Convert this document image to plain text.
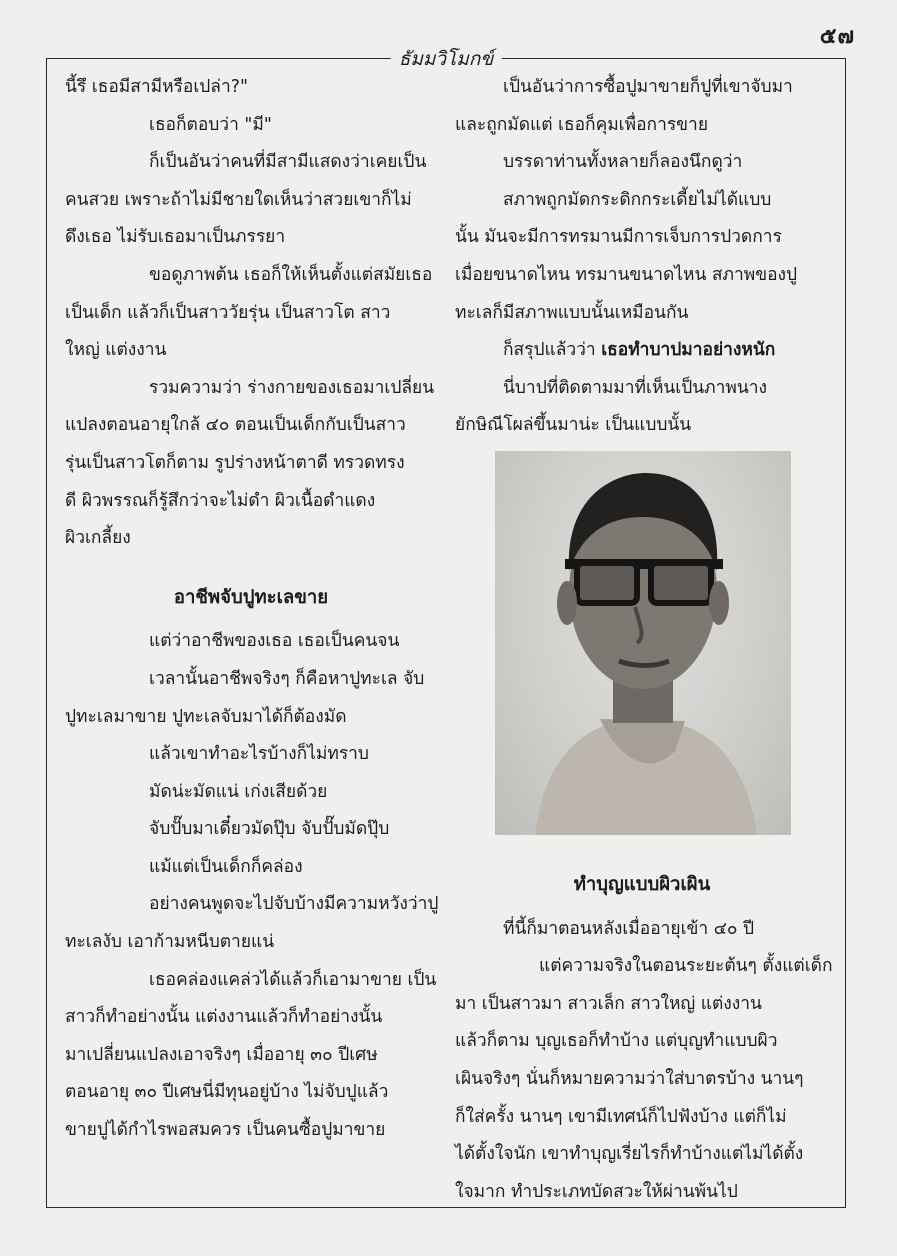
๕๗
ธัมมวิโมกข์

นี้รึ เธอมีสามีหรือเปล่า?"

เธอก็ตอบว่า "มี"

ก็เป็นอันว่าคนที่มีสามีแสดงว่าเคยเป็น

คนสวย เพราะถ้าไม่มีชายใดเห็นว่าสวยเขาก็ไม่

ดึงเธอ ไม่รับเธอมาเป็นภรรยา

ขอดูภาพต้น เธอก็ให้เห็นตั้งแต่สมัยเธอ

เป็นเด็ก แล้วก็เป็นสาววัยรุ่น เป็นสาวโต สาว

ใหญ่ แต่งงาน

รวมความว่า ร่างกายของเธอมาเปลี่ยน

แปลงตอนอายุใกล้ ๔๐ ตอนเป็นเด็กกับเป็นสาว

รุ่นเป็นสาวโตก็ตาม รูปร่างหน้าตาดี ทรวดทรง

ดี ผิวพรรณก็รู้สึกว่าจะไม่ดำ ผิวเนื้อดำแดง

ผิวเกลี้ยง

อาชีพจับปูทะเลขาย

แต่ว่าอาชีพของเธอ เธอเป็นคนจน

เวลานั้นอาชีพจริงๆ ก็คือหาปูทะเล จับ

ปูทะเลมาขาย ปูทะเลจับมาได้ก็ต้องมัด

แล้วเขาทำอะไรบ้างก็ไม่ทราบ

มัดน่ะมัดแน่ เก่งเสียด้วย

จับปั๊บมาเดี๋ยวมัดปุ๊บ จับปั๊บมัดปุ๊บ

แม้แต่เป็นเด็กก็คล่อง

อย่างคนพูดจะไปจับบ้างมีความหวังว่าปู

ทะเลงับ เอาก้ามหนีบตายแน่

เธอคล่องแคล่วได้แล้วก็เอามาขาย เป็น

สาวก็ทำอย่างนั้น แต่งงานแล้วก็ทำอย่างนั้น

มาเปลี่ยนแปลงเอาจริงๆ เมื่ออายุ ๓๐ ปีเศษ

ตอนอายุ ๓๐ ปีเศษนี่มีทุนอยู่บ้าง ไม่จับปูแล้ว

ขายปูได้กำไรพอสมควร เป็นคนซื้อปูมาขาย

เป็นอันว่าการซื้อปูมาขายก็ปูที่เขาจับมา

และถูกมัดแต่ เธอก็คุมเพื่อการขาย

บรรดาท่านทั้งหลายก็ลองนึกดูว่า

สภาพถูกมัดกระดิกกระเดี้ยไม่ได้แบบ

นั้น มันจะมีการทรมานมีการเจ็บการปวดการ

เมื่อยขนาดไหน ทรมานขนาดไหน สภาพของปู

ทะเลก็มีสภาพแบบนั้นเหมือนกัน

ก็สรุปแล้วว่า เธอทำบาปมาอย่างหนัก

นี่บาปที่ติดตามมาที่เห็นเป็นภาพนาง

ยักษิณีโผล่ขึ้นมาน่ะ เป็นแบบนั้น

ทำบุญแบบผิวเผิน

ที่นี้ก็มาตอนหลังเมื่ออายุเข้า ๔๐ ปี

แต่ความจริงในตอนระยะต้นๆ ตั้งแต่เด็ก

มา เป็นสาวมา สาวเล็ก สาวใหญ่ แต่งงาน

แล้วก็ตาม บุญเธอก็ทำบ้าง แต่บุญทำแบบผิว

เผินจริงๆ นั่นก็หมายความว่าใส่บาตรบ้าง นานๆ

ก็ใส่ครั้ง นานๆ เขามีเทศน์ก็ไปฟังบ้าง แต่ก็ไม่

ได้ตั้งใจนัก เขาทำบุญเรี่ยไรก็ทำบ้างแต่ไม่ได้ตั้ง

ใจมาก ทำประเภทบัดสวะให้ผ่านพ้นไป
